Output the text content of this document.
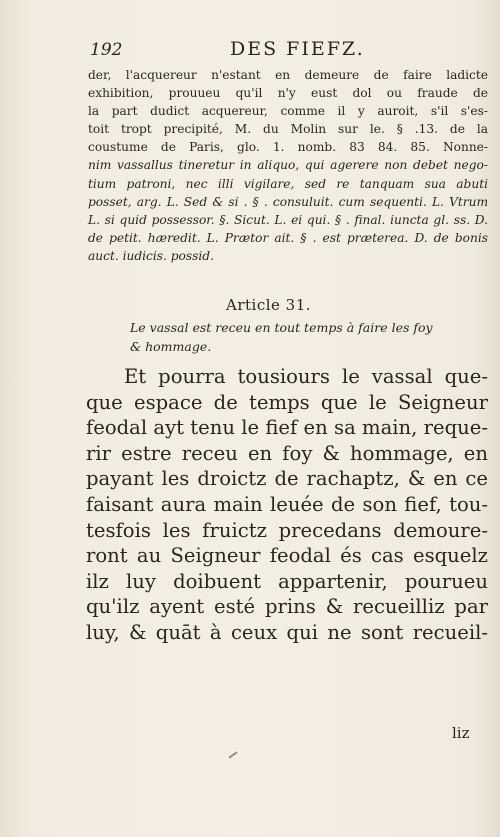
192	DES FIEFZ.
der, l'acquereur n'estant en demeure de faire ladicte
exhibition, prouueu qu'il n'y eust dol ou fraude de
la part dudict acquereur, comme il y auroit, s'il s'es-
toit tropt precipité, M. du Molin sur le. § .13. de la
coustume de Paris, glo. 1. nomb. 83 84. 85. Nonne-
nim vassallus tineretur in aliquo, qui agerere non debet nego-
tium patroni, nec illi vigilare, sed re tanquam sua abuti
posset, arg. L. Sed & si . § . consuluit. cum sequenti. L. Vtrum
L. si quid possessor. §. Sicut. L. ei qui. § . final. iuncta gl. ss. D.
de petit. hæredit. L. Prætor ait. § . est præterea. D. de bonis
auct. iudicis. possid.
Article 31.
Le vassal est receu en tout temps à faire les foy
& hommage.
Et pourra tousiours le vassal que-
que espace de temps que le Seigneur
feodal ayt tenu le fief en sa main, reque-
rir estre receu en foy & hommage, en
payant les droictz de rachaptz, & en ce
faisant aura main leuée de son fief, tou-
tesfois les fruictz precedans demoure-
ront au Seigneur feodal és cas esquelz
ilz luy doibuent appartenir, pourueu
qu'ilz ayent esté prins & recueilliz par
luy, & quāt à ceux qui ne sont recueil-
liz
